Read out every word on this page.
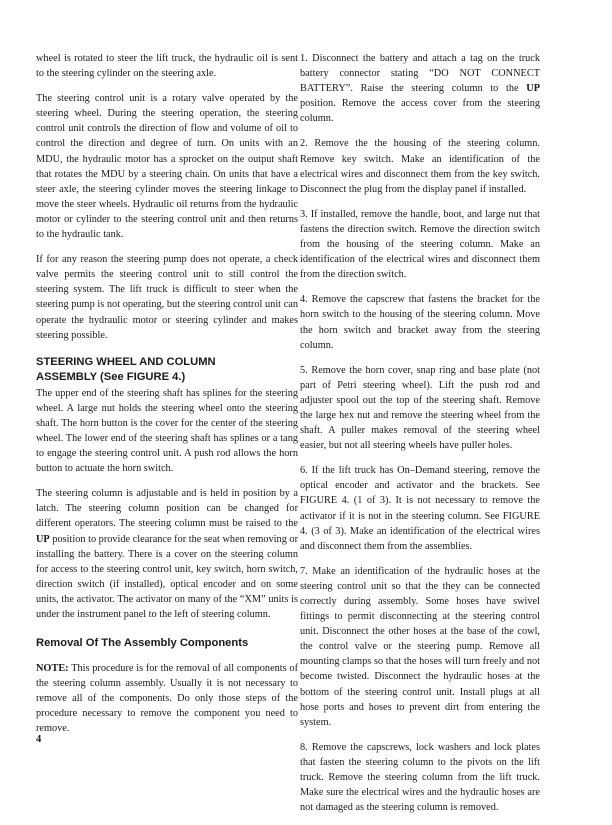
wheel is rotated to steer the lift truck, the hydraulic oil is sent to the steering cylinder on the steering axle.

The steering control unit is a rotary valve operated by the steering wheel. During the steering operation, the steering control unit controls the direction of flow and volume of oil to control the direction and degree of turn. On units with an MDU, the hydraulic motor has a sprocket on the output shaft that rotates the MDU by a steering chain. On units that have a steer axle, the steering cylinder moves the steering linkage to move the steer wheels. Hydraulic oil returns from the hydraulic motor or cylinder to the steering control unit and then returns to the hydraulic tank.

If for any reason the steering pump does not operate, a check valve permits the steering control unit to still control the steering system. The lift truck is difficult to steer when the steering pump is not operating, but the steering control unit can operate the hydraulic motor or steering cylinder and makes steering possible.

STEERING WHEEL AND COLUMN
ASSEMBLY (See FIGURE 4.)

The upper end of the steering shaft has splines for the steering wheel. A large nut holds the steering wheel onto the steering shaft. The horn button is the cover for the center of the steering wheel. The lower end of the steering shaft has splines or a tang to engage the steering control unit. A push rod allows the horn button to actuate the horn switch.

The steering column is adjustable and is held in position by a latch. The steering column position can be changed for different operators. The steering column must be raised to the UP position to provide clearance for the seat when removing or installing the battery. There is a cover on the steering column for access to the steering control unit, key switch, horn switch, direction switch (if installed), optical encoder and on some units, the activator. The activator on many of the “XM” units is under the instrument panel to the left of steering column.

Removal Of The Assembly Components

NOTE: This procedure is for the removal of all components of the steering column assembly. Usually it is not necessary to remove all of the components. Do only those steps of the procedure necessary to remove the component you need to remove.

1. Disconnect the battery and attach a tag on the truck battery connector stating “DO NOT CONNECT BATTERY”. Raise the steering column to the UP position. Remove the access cover from the steering column.

2. Remove the the housing of the steering column. Remove key switch. Make an identification of the electrical wires and disconnect them from the key switch. Disconnect the plug from the display panel if installed.

3. If installed, remove the handle, boot, and large nut that fastens the direction switch. Remove the direction switch from the housing of the steering column. Make an identification of the electrical wires and disconnect them from the direction switch.

4. Remove the capscrew that fastens the bracket for the horn switch to the housing of the steering column. Move the horn switch and bracket away from the steering column.

5. Remove the horn cover, snap ring and base plate (not part of Petri steering wheel). Lift the push rod and adjuster spool out the top of the steering shaft. Remove the large hex nut and remove the steering wheel from the shaft. A puller makes removal of the steering wheel easier, but not all steering wheels have puller holes.

6. If the lift truck has On–Demand steering, remove the optical encoder and activator and the brackets. See FIGURE 4. (1 of 3). It is not necessary to remove the activator if it is not in the steering column. See FIGURE 4. (3 of 3). Make an identification of the electrical wires and disconnect them from the assemblies.

7. Make an identification of the hydraulic hoses at the steering control unit so that the they can be connected correctly during assembly. Some hoses have swivel fittings to permit disconnecting at the steering control unit. Disconnect the other hoses at the base of the cowl, the control valve or the steering pump. Remove all mounting clamps so that the hoses will turn freely and not become twisted. Disconnect the hydraulic hoses at the bottom of the steering control unit. Install plugs at all hose ports and hoses to prevent dirt from entering the system.

8. Remove the capscrews, lock washers and lock plates that fasten the steering column to the pivots on the lift truck. Remove the steering column from the lift truck. Make sure the electrical wires and the hydraulic hoses are not damaged as the steering column is removed.

4
